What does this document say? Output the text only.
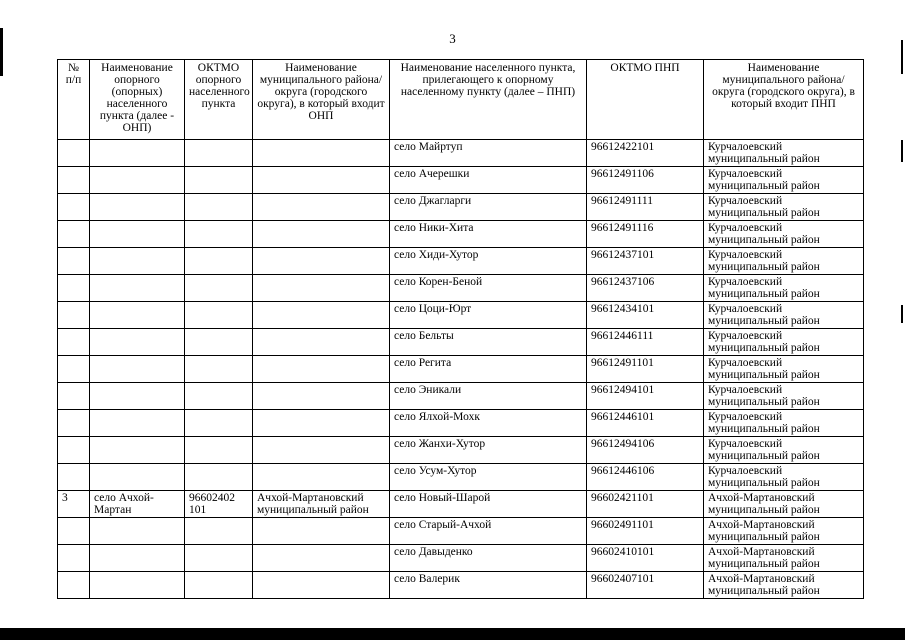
3
№ п/п	Наименование опорного (опорных) населенного пункта (далее - ОНП)	ОКТМО опорного населенного пункта	Наименование муниципального района/округа (городского округа), в который входит ОНП	Наименование населенного пункта, прилегающего к опорному населенному пункту (далее – ПНП)	ОКТМО ПНП	Наименование муниципального района/округа (городского округа), в который входит ПНП
				село Майртуп	96612422101	Курчалоевский
муниципальный район

				село Ачерешки	96612491106	Курчалоевский
муниципальный район

				село Джагларги	96612491111	Курчалоевский
муниципальный район

				село Ники-Хита	96612491116	Курчалоевский
муниципальный район

				село Хиди-Хутор	96612437101	Курчалоевский
муниципальный район

				село Корен-Беной	96612437106	Курчалоевский
муниципальный район

				село Цоци-Юрт	96612434101	Курчалоевский
муниципальный район

				село Бельты	96612446111	Курчалоевский
муниципальный район

				село Регита	96612491101	Курчалоевский
муниципальный район

				село Эникали	96612494101	Курчалоевский
муниципальный район

				село Ялхой-Мохк	96612446101	Курчалоевский
муниципальный район

				село Жанхи-Хутор	96612494106	Курчалоевский
муниципальный район

				село Усум-Хутор	96612446106	Курчалоевский
муниципальный район

3	село Ачхой-Мартан	96602402 101	Ачхой-Мартановский муниципальный район	село Новый-Шарой	96602421101	Ачхой-Мартановский
муниципальный район

				село Старый-Ачхой	96602491101	Ачхой-Мартановский
муниципальный район

				село Давыденко	96602410101	Ачхой-Мартановский
муниципальный район

				село Валерик	96602407101	Ачхой-Мартановский
муниципальный район
